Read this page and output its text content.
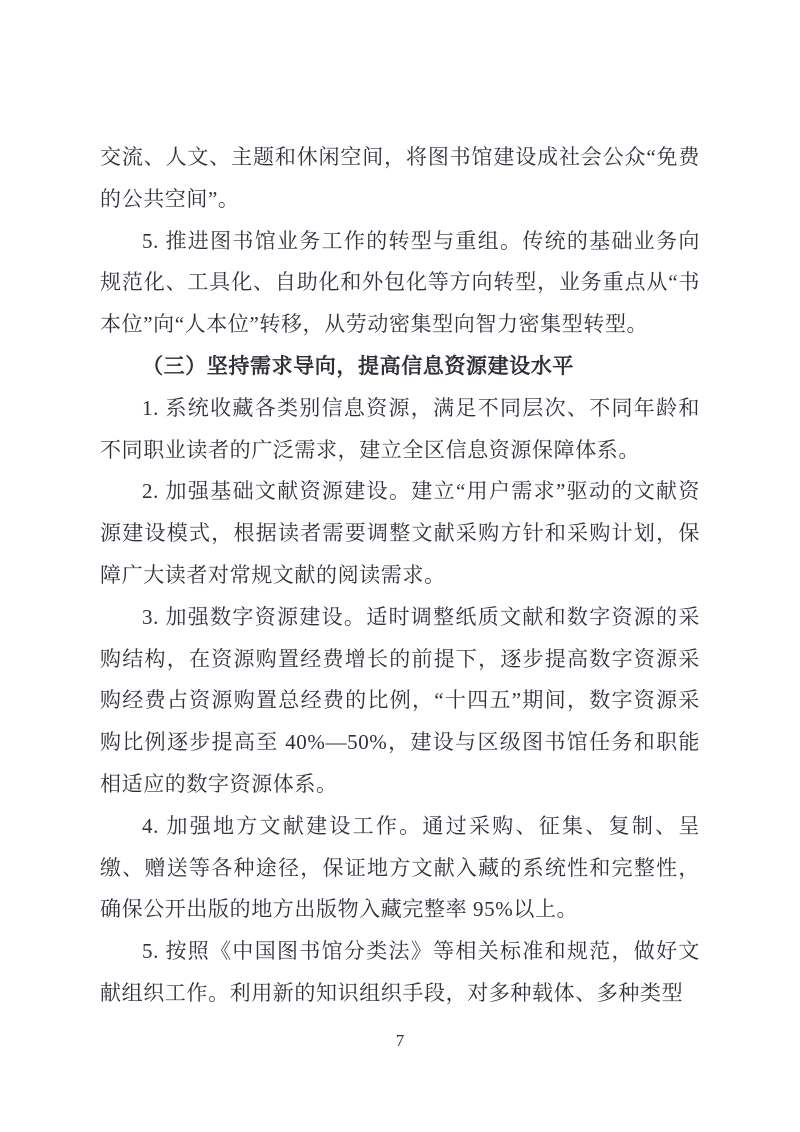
交流、人文、主题和休闲空间，将图书馆建设成社会公众“免费的公共空间”。

5. 推进图书馆业务工作的转型与重组。传统的基础业务向规范化、工具化、自助化和外包化等方向转型，业务重点从“书本位”向“人本位”转移，从劳动密集型向智力密集型转型。

（三）坚持需求导向，提高信息资源建设水平

1. 系统收藏各类别信息资源，满足不同层次、不同年龄和不同职业读者的广泛需求，建立全区信息资源保障体系。

2. 加强基础文献资源建设。建立“用户需求”驱动的文献资源建设模式，根据读者需要调整文献采购方针和采购计划，保障广大读者对常规文献的阅读需求。

3. 加强数字资源建设。适时调整纸质文献和数字资源的采购结构，在资源购置经费增长的前提下，逐步提高数字资源采购经费占资源购置总经费的比例，“十四五”期间，数字资源采购比例逐步提高至 40%—50%，建设与区级图书馆任务和职能相适应的数字资源体系。

4. 加强地方文献建设工作。通过采购、征集、复制、呈缴、赠送等各种途径，保证地方文献入藏的系统性和完整性，确保公开出版的地方出版物入藏完整率 95%以上。

5. 按照《中国图书馆分类法》等相关标准和规范，做好文献组织工作。利用新的知识组织手段，对多种载体、多种类型

7
